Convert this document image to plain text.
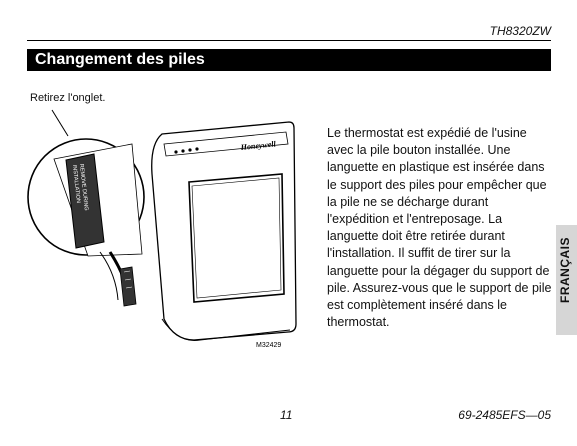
TH8320ZW
Changement des piles
Retirez l'onglet.
Honeywell
REMOVE DURING
INSTALLATION
M32429
Le thermostat est expédié de l'usine avec la pile bouton installée. Une languette en plastique est insérée dans le support des piles pour empêcher que la pile ne se décharge durant l'expédition et l'entreposage. La languette doit être retirée durant l'installation. Il suffit de tirer sur la languette pour la dégager du support de pile. Assurez-vous que le support de pile est complètement inséré dans le thermostat.
FRANÇAIS
11	69-2485EFS—05
